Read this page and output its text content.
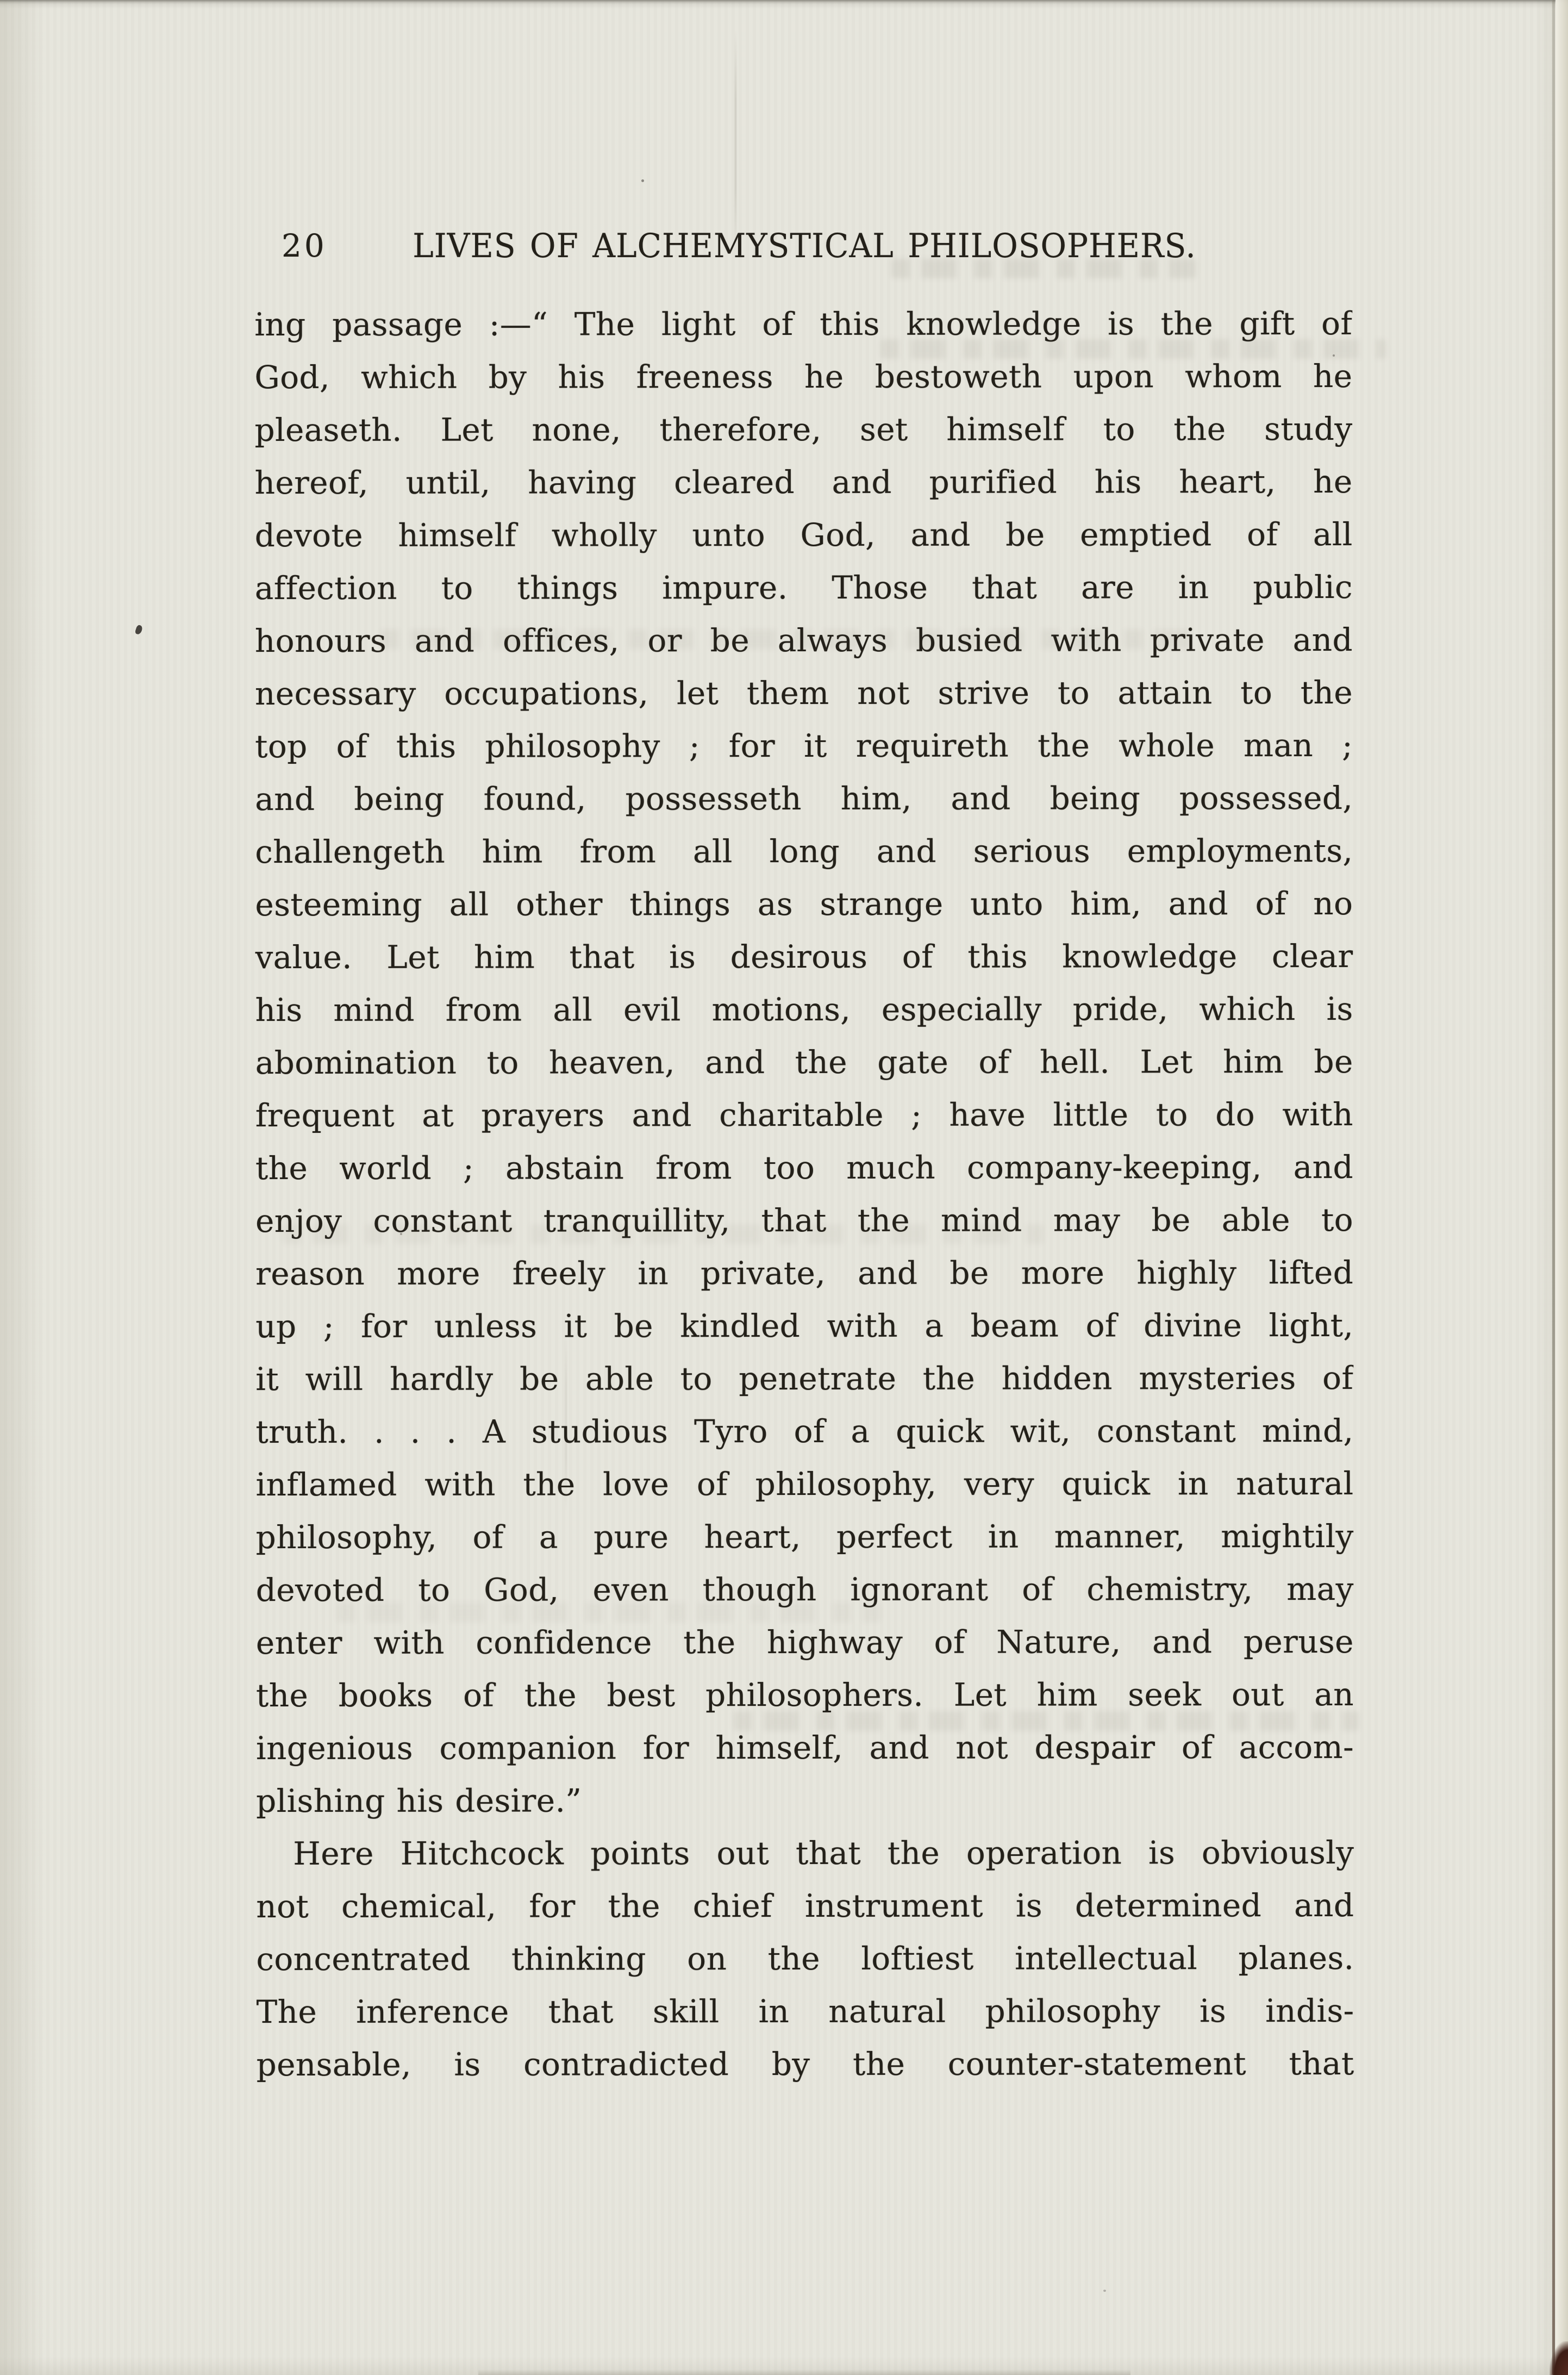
20	LIVES OF ALCHEMYSTICAL PHILOSOPHERS.
ing passage :—“ The light of this knowledge is the gift of
God, which by his freeness he bestoweth upon whom he
pleaseth. Let none, therefore, set himself to the study
hereof, until, having cleared and purified his heart, he
devote himself wholly unto God, and be emptied of all
affection to things impure. Those that are in public
honours and offices, or be always busied with private and
necessary occupations, let them not strive to attain to the
top of this philosophy ; for it requireth the whole man ;
and being found, possesseth him, and being possessed,
challengeth him from all long and serious employments,
esteeming all other things as strange unto him, and of no
value. Let him that is desirous of this knowledge clear
his mind from all evil motions, especially pride, which is
abomination to heaven, and the gate of hell. Let him be
frequent at prayers and charitable ; have little to do with
the world ; abstain from too much company-keeping, and
enjoy constant tranquillity, that the mind may be able to
reason more freely in private, and be more highly lifted
up ; for unless it be kindled with a beam of divine light,
it will hardly be able to penetrate the hidden mysteries of
truth. . . . A studious Tyro of a quick wit, constant mind,
inflamed with the love of philosophy, very quick in natural
philosophy, of a pure heart, perfect in manner, mightily
devoted to God, even though ignorant of chemistry, may
enter with confidence the highway of Nature, and peruse
the books of the best philosophers. Let him seek out an
ingenious companion for himself, and not despair of accom-
plishing his desire.”
Here Hitchcock points out that the operation is obviously
not chemical, for the chief instrument is determined and
concentrated thinking on the loftiest intellectual planes.
The inference that skill in natural philosophy is indis-
pensable, is contradicted by the counter-statement that
